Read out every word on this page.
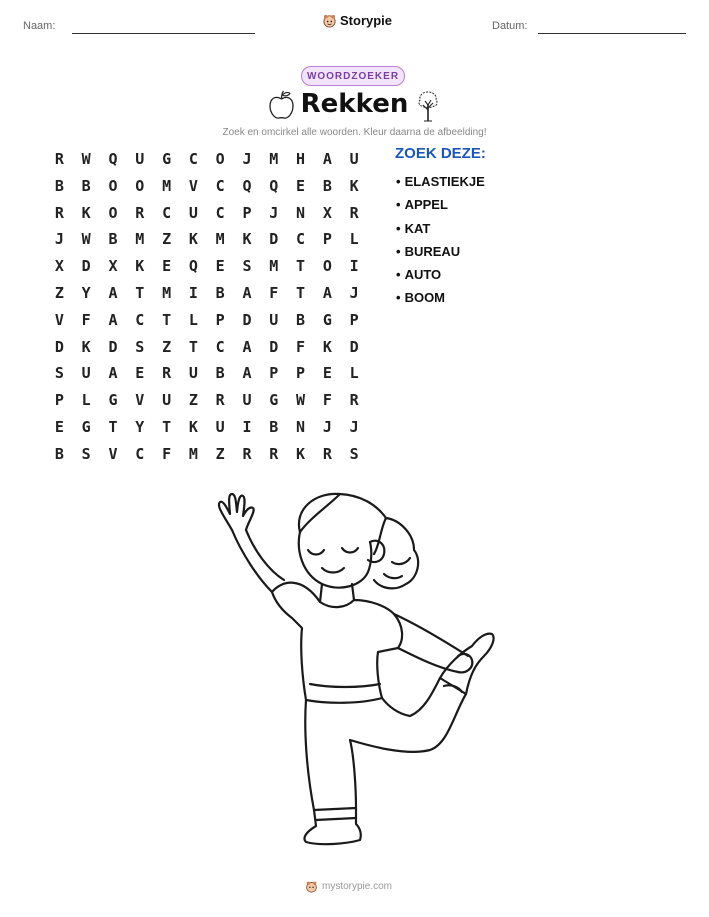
Naam:	Storypie	Datum:
WOORDZOEKER
Rekken
Zoek en omcirkel alle woorden. Kleur daarna de afbeelding!
R	W	Q	U	G	C	O	J	M	H	A	U
B	B	O	O	M	V	C	Q	Q	E	B	K
R	K	O	R	C	U	C	P	J	N	X	R
J	W	B	M	Z	K	M	K	D	C	P	L
X	D	X	K	E	Q	E	S	M	T	O	I
Z	Y	A	T	M	I	B	A	F	T	A	J
V	F	A	C	T	L	P	D	U	B	G	P
D	K	D	S	Z	T	C	A	D	F	K	D
S	U	A	E	R	U	B	A	P	P	E	L
P	L	G	V	U	Z	R	U	G	W	F	R
E	G	T	Y	T	K	U	I	B	N	J	J
B	S	V	C	F	M	Z	R	R	K	R	S
ZOEK DEZE:
• ELASTIEKJE
• APPEL
• KAT
• BUREAU
• AUTO
• BOOM
mystorypie.com
